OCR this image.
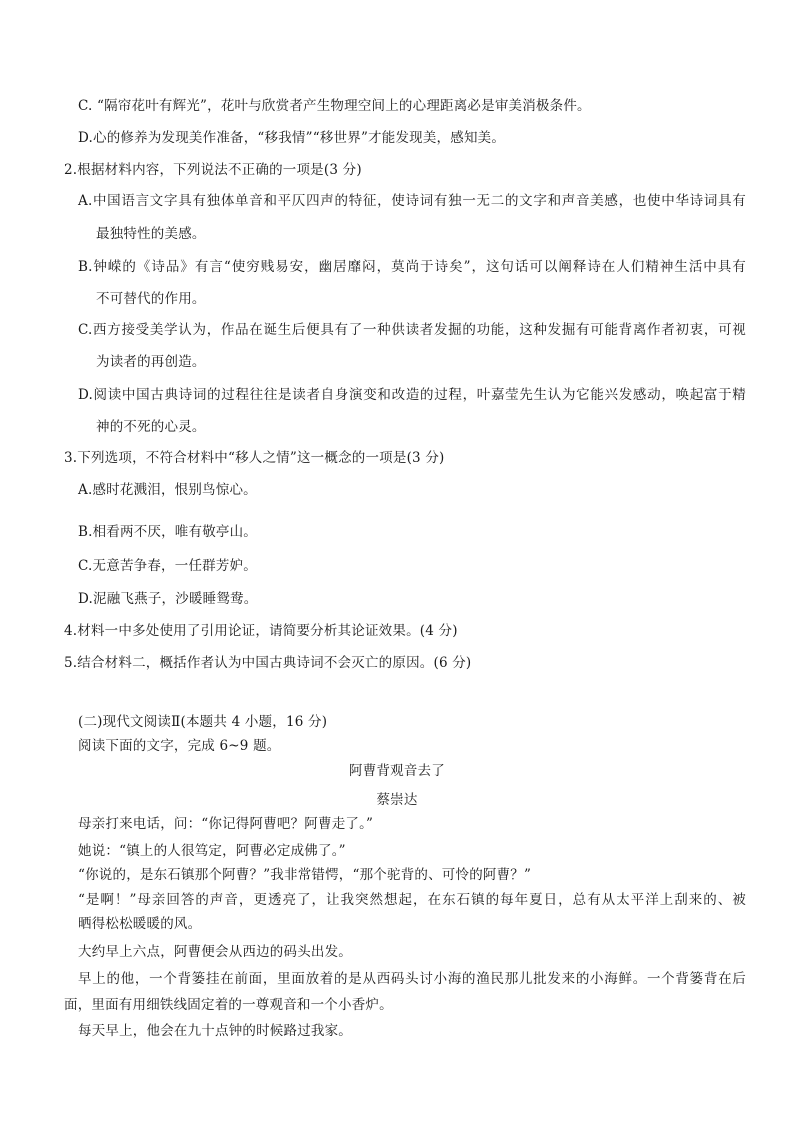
C. “隔帘花叶有辉光”，花叶与欣赏者产生物理空间上的心理距离必是审美消极条件。
D.心的修养为发现美作准备，“移我情”“移世界”才能发现美，感知美。
2.根据材料内容，下列说法不正确的一项是(3 分)
A.中国语言文字具有独体单音和平仄四声的特征，使诗词有独一无二的文字和声音美感，也使中华诗词具有
最独特性的美感。
B.钟嵘的《诗品》有言“使穷贱易安，幽居靡闷，莫尚于诗矣”，这句话可以阐释诗在人们精神生活中具有
不可替代的作用。
C.西方接受美学认为，作品在诞生后便具有了一种供读者发掘的功能，这种发掘有可能背离作者初衷，可视
为读者的再创造。
D.阅读中国古典诗词的过程往往是读者自身演变和改造的过程，叶嘉莹先生认为它能兴发感动，唤起富于精
神的不死的心灵。
3.下列选项，不符合材料中“移人之情”这一概念的一项是(3 分)
A.感时花溅泪，恨别鸟惊心。
B.相看两不厌，唯有敬亭山。
C.无意苦争春，一任群芳妒。
D.泥融飞燕子，沙暖睡鸳鸯。
4.材料一中多处使用了引用论证，请简要分析其论证效果。(4 分)
5.结合材料二，概括作者认为中国古典诗词不会灭亡的原因。(6 分)
(二)现代文阅读Ⅱ(本题共 4 小题，16 分)
阅读下面的文字，完成 6~9 题。
阿曹背观音去了
蔡崇达
母亲打来电话，问：“你记得阿曹吧？阿曹走了。”
她说：“镇上的人很笃定，阿曹必定成佛了。”
“你说的，是东石镇那个阿曹？”我非常错愕，“那个驼背的、可怜的阿曹？”
“是啊！”母亲回答的声音，更透亮了，让我突然想起，在东石镇的每年夏日，总有从太平洋上刮来的、被
晒得松松暖暖的风。
大约早上六点，阿曹便会从西边的码头出发。
早上的他，一个背篓挂在前面，里面放着的是从西码头讨小海的渔民那儿批发来的小海鲜。一个背篓背在后
面，里面有用细铁线固定着的一尊观音和一个小香炉。
每天早上，他会在九十点钟的时候路过我家。
